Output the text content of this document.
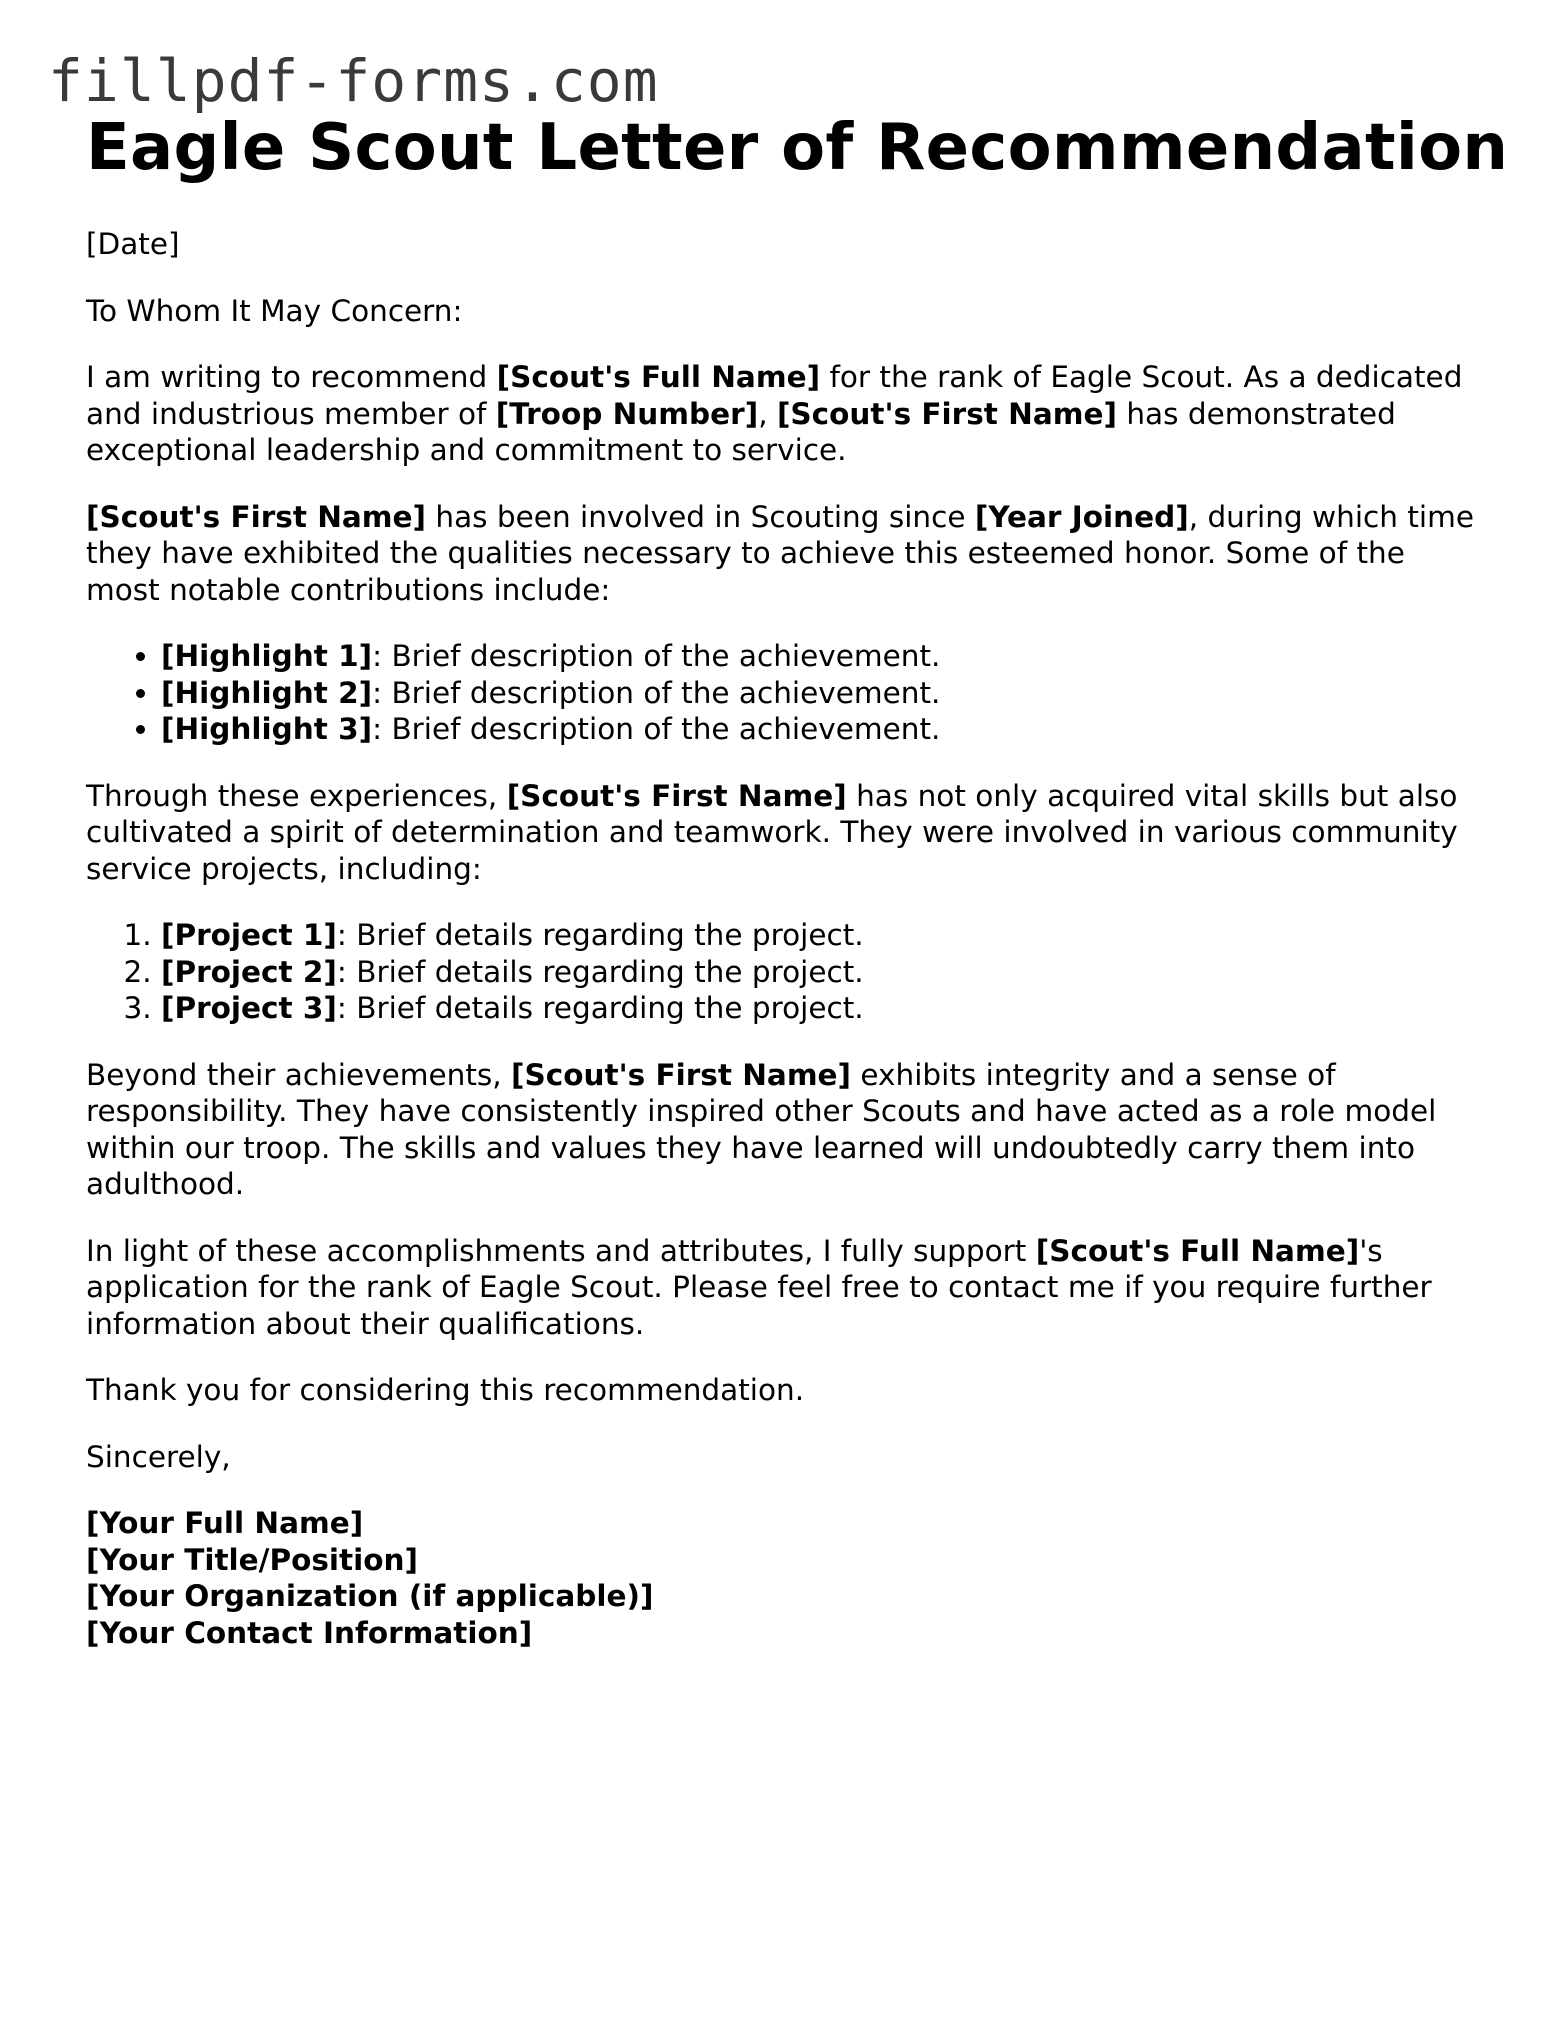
fillpdf-forms.com
Eagle Scout Letter of Recommendation

[Date]

To Whom It May Concern:

I am writing to recommend [Scout's Full Name] for the rank of Eagle Scout. As a dedicated and industrious member of [Troop Number], [Scout's First Name] has demonstrated exceptional leadership and commitment to service.

[Scout's First Name] has been involved in Scouting since [Year Joined], during which time they have exhibited the qualities necessary to achieve this esteemed honor. Some of the most notable contributions include:

• [Highlight 1]: Brief description of the achievement.
• [Highlight 2]: Brief description of the achievement.
• [Highlight 3]: Brief description of the achievement.

Through these experiences, [Scout's First Name] has not only acquired vital skills but also cultivated a spirit of determination and teamwork. They were involved in various community service projects, including:

1. [Project 1]: Brief details regarding the project.
2. [Project 2]: Brief details regarding the project.
3. [Project 3]: Brief details regarding the project.

Beyond their achievements, [Scout's First Name] exhibits integrity and a sense of responsibility. They have consistently inspired other Scouts and have acted as a role model within our troop. The skills and values they have learned will undoubtedly carry them into adulthood.

In light of these accomplishments and attributes, I fully support [Scout's Full Name]'s application for the rank of Eagle Scout. Please feel free to contact me if you require further information about their qualifications.

Thank you for considering this recommendation.

Sincerely,

[Your Full Name]
[Your Title/Position]
[Your Organization (if applicable)]
[Your Contact Information]
